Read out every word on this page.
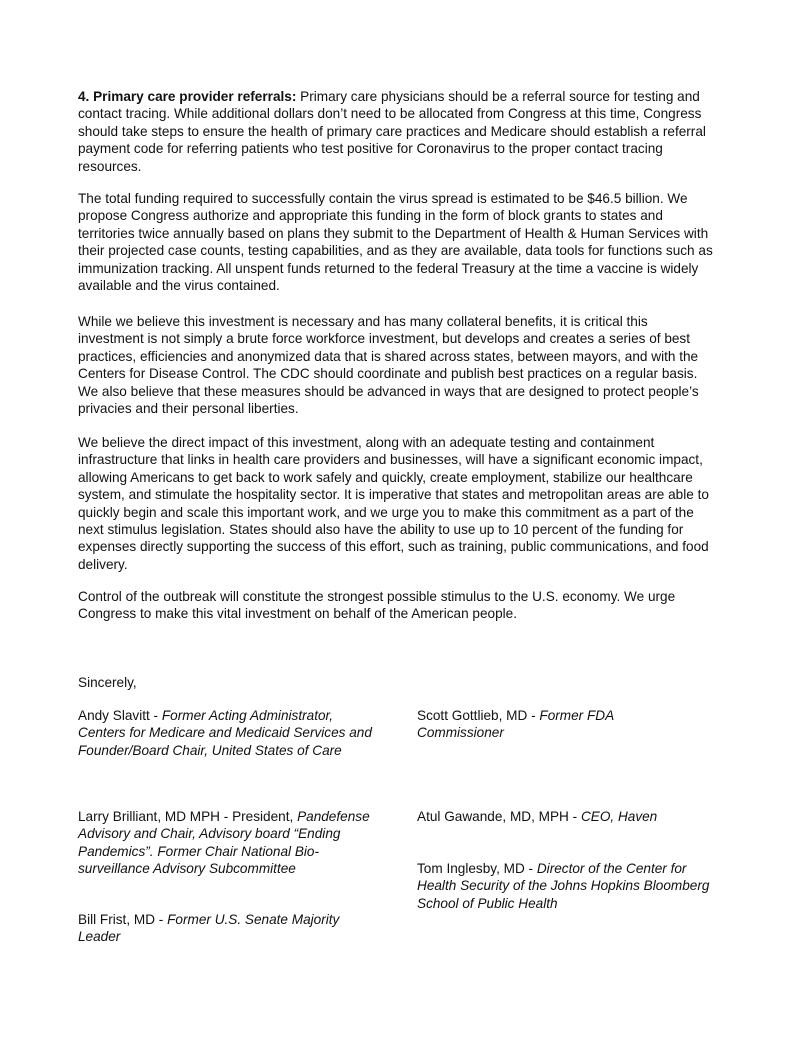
4. Primary care provider referrals: Primary care physicians should be a referral source for testing and contact tracing. While additional dollars don’t need to be allocated from Congress at this time, Congress should take steps to ensure the health of primary care practices and Medicare should establish a referral payment code for referring patients who test positive for Coronavirus to the proper contact tracing resources.

The total funding required to successfully contain the virus spread is estimated to be $46.5 billion. We propose Congress authorize and appropriate this funding in the form of block grants to states and territories twice annually based on plans they submit to the Department of Health & Human Services with their projected case counts, testing capabilities, and as they are available, data tools for functions such as immunization tracking. All unspent funds returned to the federal Treasury at the time a vaccine is widely available and the virus contained.

While we believe this investment is necessary and has many collateral benefits, it is critical this investment is not simply a brute force workforce investment, but develops and creates a series of best practices, efficiencies and anonymized data that is shared across states, between mayors, and with the Centers for Disease Control. The CDC should coordinate and publish best practices on a regular basis. We also believe that these measures should be advanced in ways that are designed to protect people’s privacies and their personal liberties.

We believe the direct impact of this investment, along with an adequate testing and containment infrastructure that links in health care providers and businesses, will have a significant economic impact, allowing Americans to get back to work safely and quickly, create employment, stabilize our healthcare system, and stimulate the hospitality sector. It is imperative that states and metropolitan areas are able to quickly begin and scale this important work, and we urge you to make this commitment as a part of the next stimulus legislation. States should also have the ability to use up to 10 percent of the funding for expenses directly supporting the success of this effort, such as training, public communications, and food delivery.

Control of the outbreak will constitute the strongest possible stimulus to the U.S. economy. We urge Congress to make this vital investment on behalf of the American people.

Sincerely,

Andy Slavitt - Former Acting Administrator, Centers for Medicare and Medicaid Services and Founder/Board Chair, United States of Care

Scott Gottlieb, MD - Former FDA Commissioner

Larry Brilliant, MD MPH - President, Pandefense Advisory and Chair, Advisory board “Ending Pandemics”. Former Chair National Bio-surveillance Advisory Subcommittee

Atul Gawande, MD, MPH - CEO, Haven

Tom Inglesby, MD - Director of the Center for Health Security of the Johns Hopkins Bloomberg School of Public Health

Bill Frist, MD - Former U.S. Senate Majority Leader
